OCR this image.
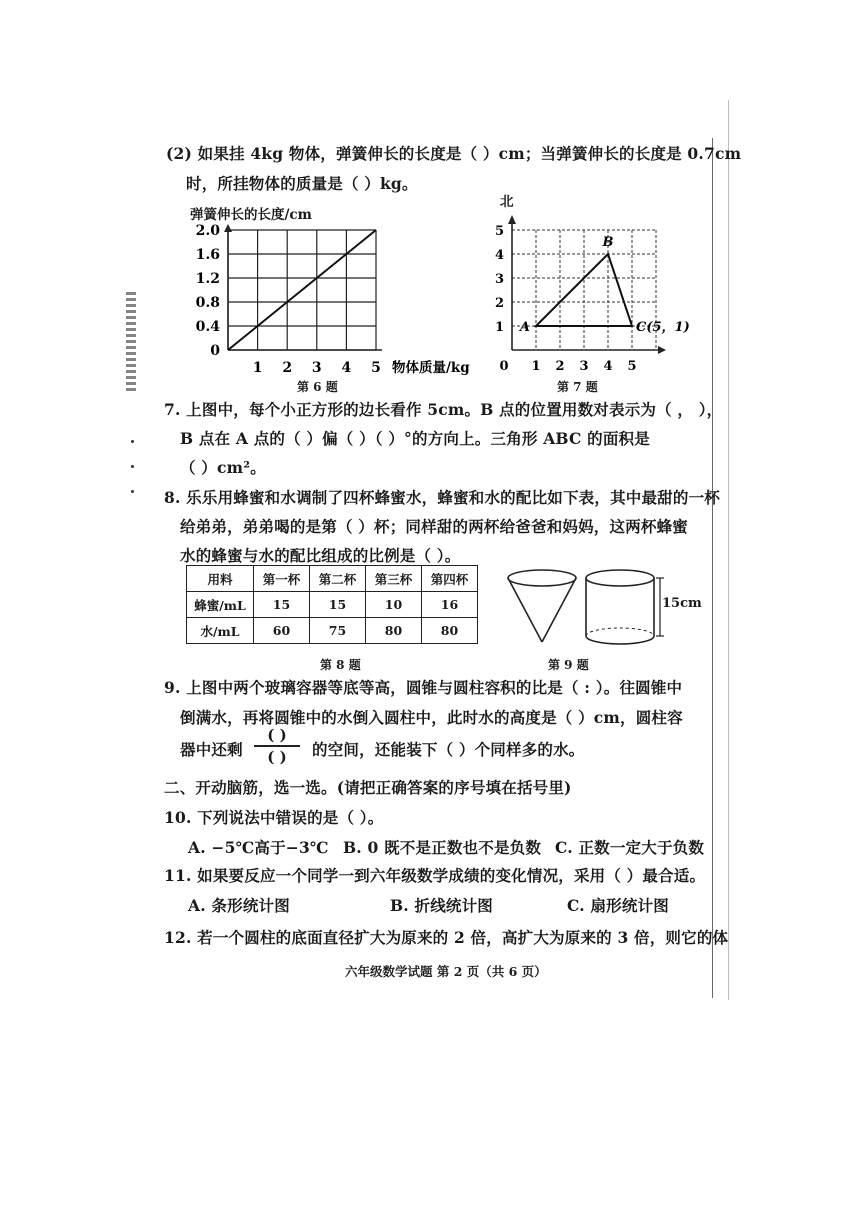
(2) 如果挂 4kg 物体，弹簧伸长的长度是（ ）cm；当弹簧伸长的长度是 0.7cm
时，所挂物体的质量是（ ）kg。
弹簧伸长的长度/cm
0
0.4
0.8
1.2
1.6
2.0
1 2 3 4 5 物体质量/kg
第 6 题
北
1
2
3
4
5
0 1 2 3 4 5
A
B
C(5，1)
第 7 题
7. 上图中，每个小正方形的边长看作 5cm。B 点的位置用数对表示为（ ， ），
B 点在 A 点的（ ）偏（ ）（ ）°的方向上。三角形 ABC 的面积是
（ ）cm²。
8. 乐乐用蜂蜜和水调制了四杯蜂蜜水，蜂蜜和水的配比如下表，其中最甜的一杯
给弟弟，弟弟喝的是第（ ）杯；同样甜的两杯给爸爸和妈妈，这两杯蜂蜜
水的蜂蜜与水的配比组成的比例是（ ）。
用料	第一杯	第二杯	第三杯	第四杯
蜂蜜/mL	15	15	10	16
水/mL	60	75	80	80
第 8 题
15cm
第 9 题
9. 上图中两个玻璃容器等底等高，圆锥与圆柱容积的比是（ : ）。往圆锥中
倒满水，再将圆锥中的水倒入圆柱中，此时水的高度是（ ）cm，圆柱容
器中还剩
( )
( )	的空间，还能装下（ ）个同样多的水。
二、开动脑筋，选一选。(请把正确答案的序号填在括号里)
10. 下列说法中错误的是（ ）。
A. −5℃高于−3℃ B. 0 既不是正数也不是负数 C. 正数一定大于负数
11. 如果要反应一个同学一到六年级数学成绩的变化情况，采用（ ）最合适。
A. 条形统计图	B. 折线统计图	C. 扇形统计图
12. 若一个圆柱的底面直径扩大为原来的 2 倍，高扩大为原来的 3 倍，则它的体
六年级数学试题 第 2 页（共 6 页）
